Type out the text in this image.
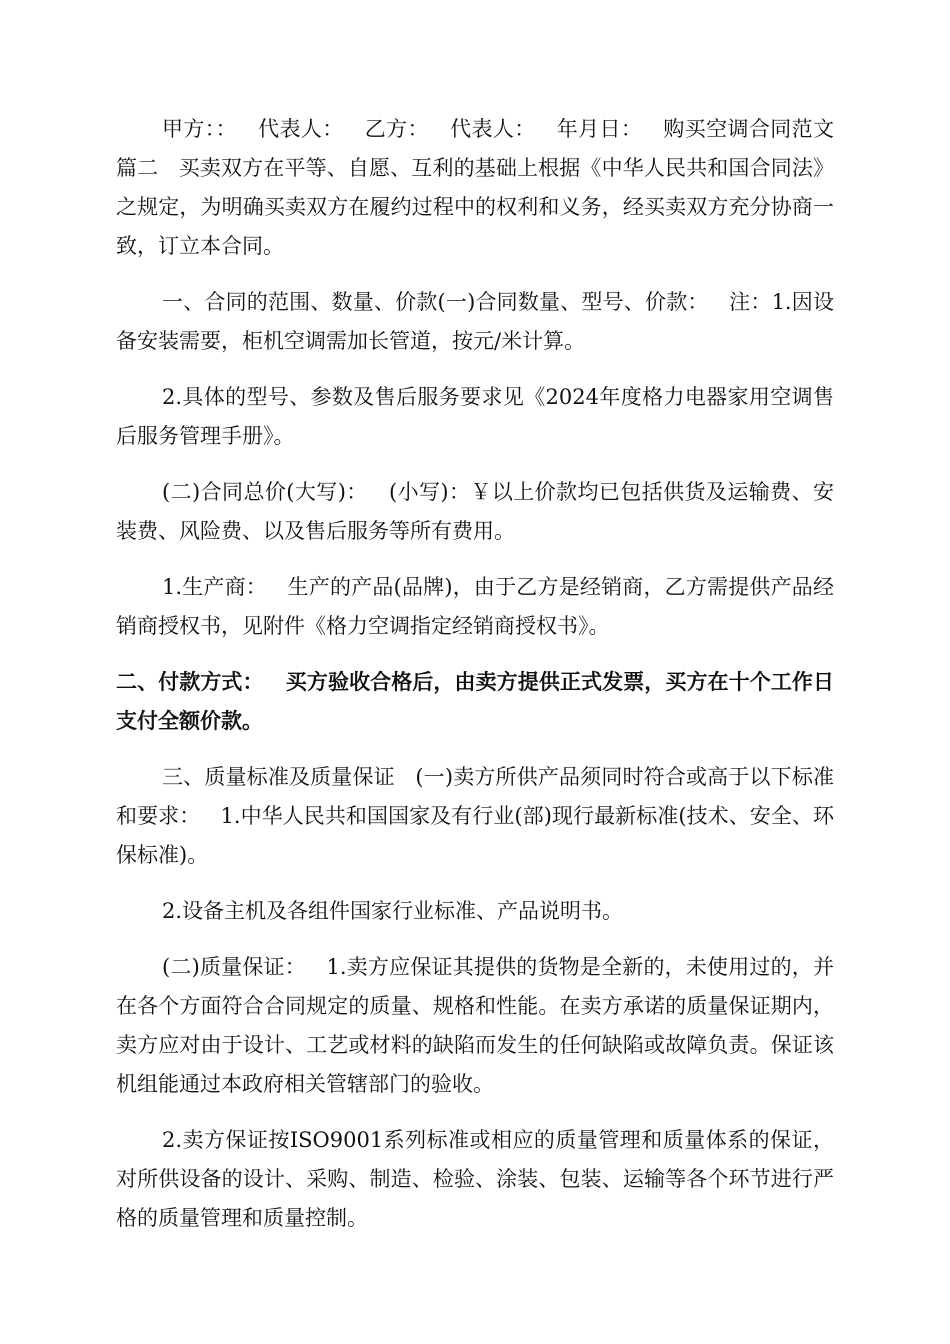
甲方：：   代表人：   乙方：   代表人：   年月日：   购买空调合同范文篇二   买卖双方在平等、自愿、互利的基础上根据《中华人民共和国合同法》之规定，为明确买卖双方在履约过程中的权利和义务，经买卖双方充分协商一致，订立本合同。

一、合同的范围、数量、价款(一)合同数量、型号、价款：   注：1.因设备安装需要，柜机空调需加长管道，按元/米计算。

2.具体的型号、参数及售后服务要求见《2024年度格力电器家用空调售后服务管理手册》。

(二)合同总价(大写)：   (小写)：￥以上价款均已包括供货及运输费、安装费、风险费、以及售后服务等所有费用。

1.生产商：   生产的产品(品牌)，由于乙方是经销商，乙方需提供产品经销商授权书，见附件《格力空调指定经销商授权书》。

二、付款方式：   买方验收合格后，由卖方提供正式发票，买方在十个工作日支付全额价款。

三、质量标准及质量保证   (一)卖方所供产品须同时符合或高于以下标准和要求：   1.中华人民共和国国家及有行业(部)现行最新标准(技术、安全、环保标准)。

2.设备主机及各组件国家行业标准、产品说明书。

(二)质量保证：   1.卖方应保证其提供的货物是全新的，未使用过的，并在各个方面符合合同规定的质量、规格和性能。在卖方承诺的质量保证期内，卖方应对由于设计、工艺或材料的缺陷而发生的任何缺陷或故障负责。保证该机组能通过本政府相关管辖部门的验收。

2.卖方保证按ISO9001系列标准或相应的质量管理和质量体系的保证，对所供设备的设计、采购、制造、检验、涂装、包装、运输等各个环节进行严格的质量管理和质量控制。
